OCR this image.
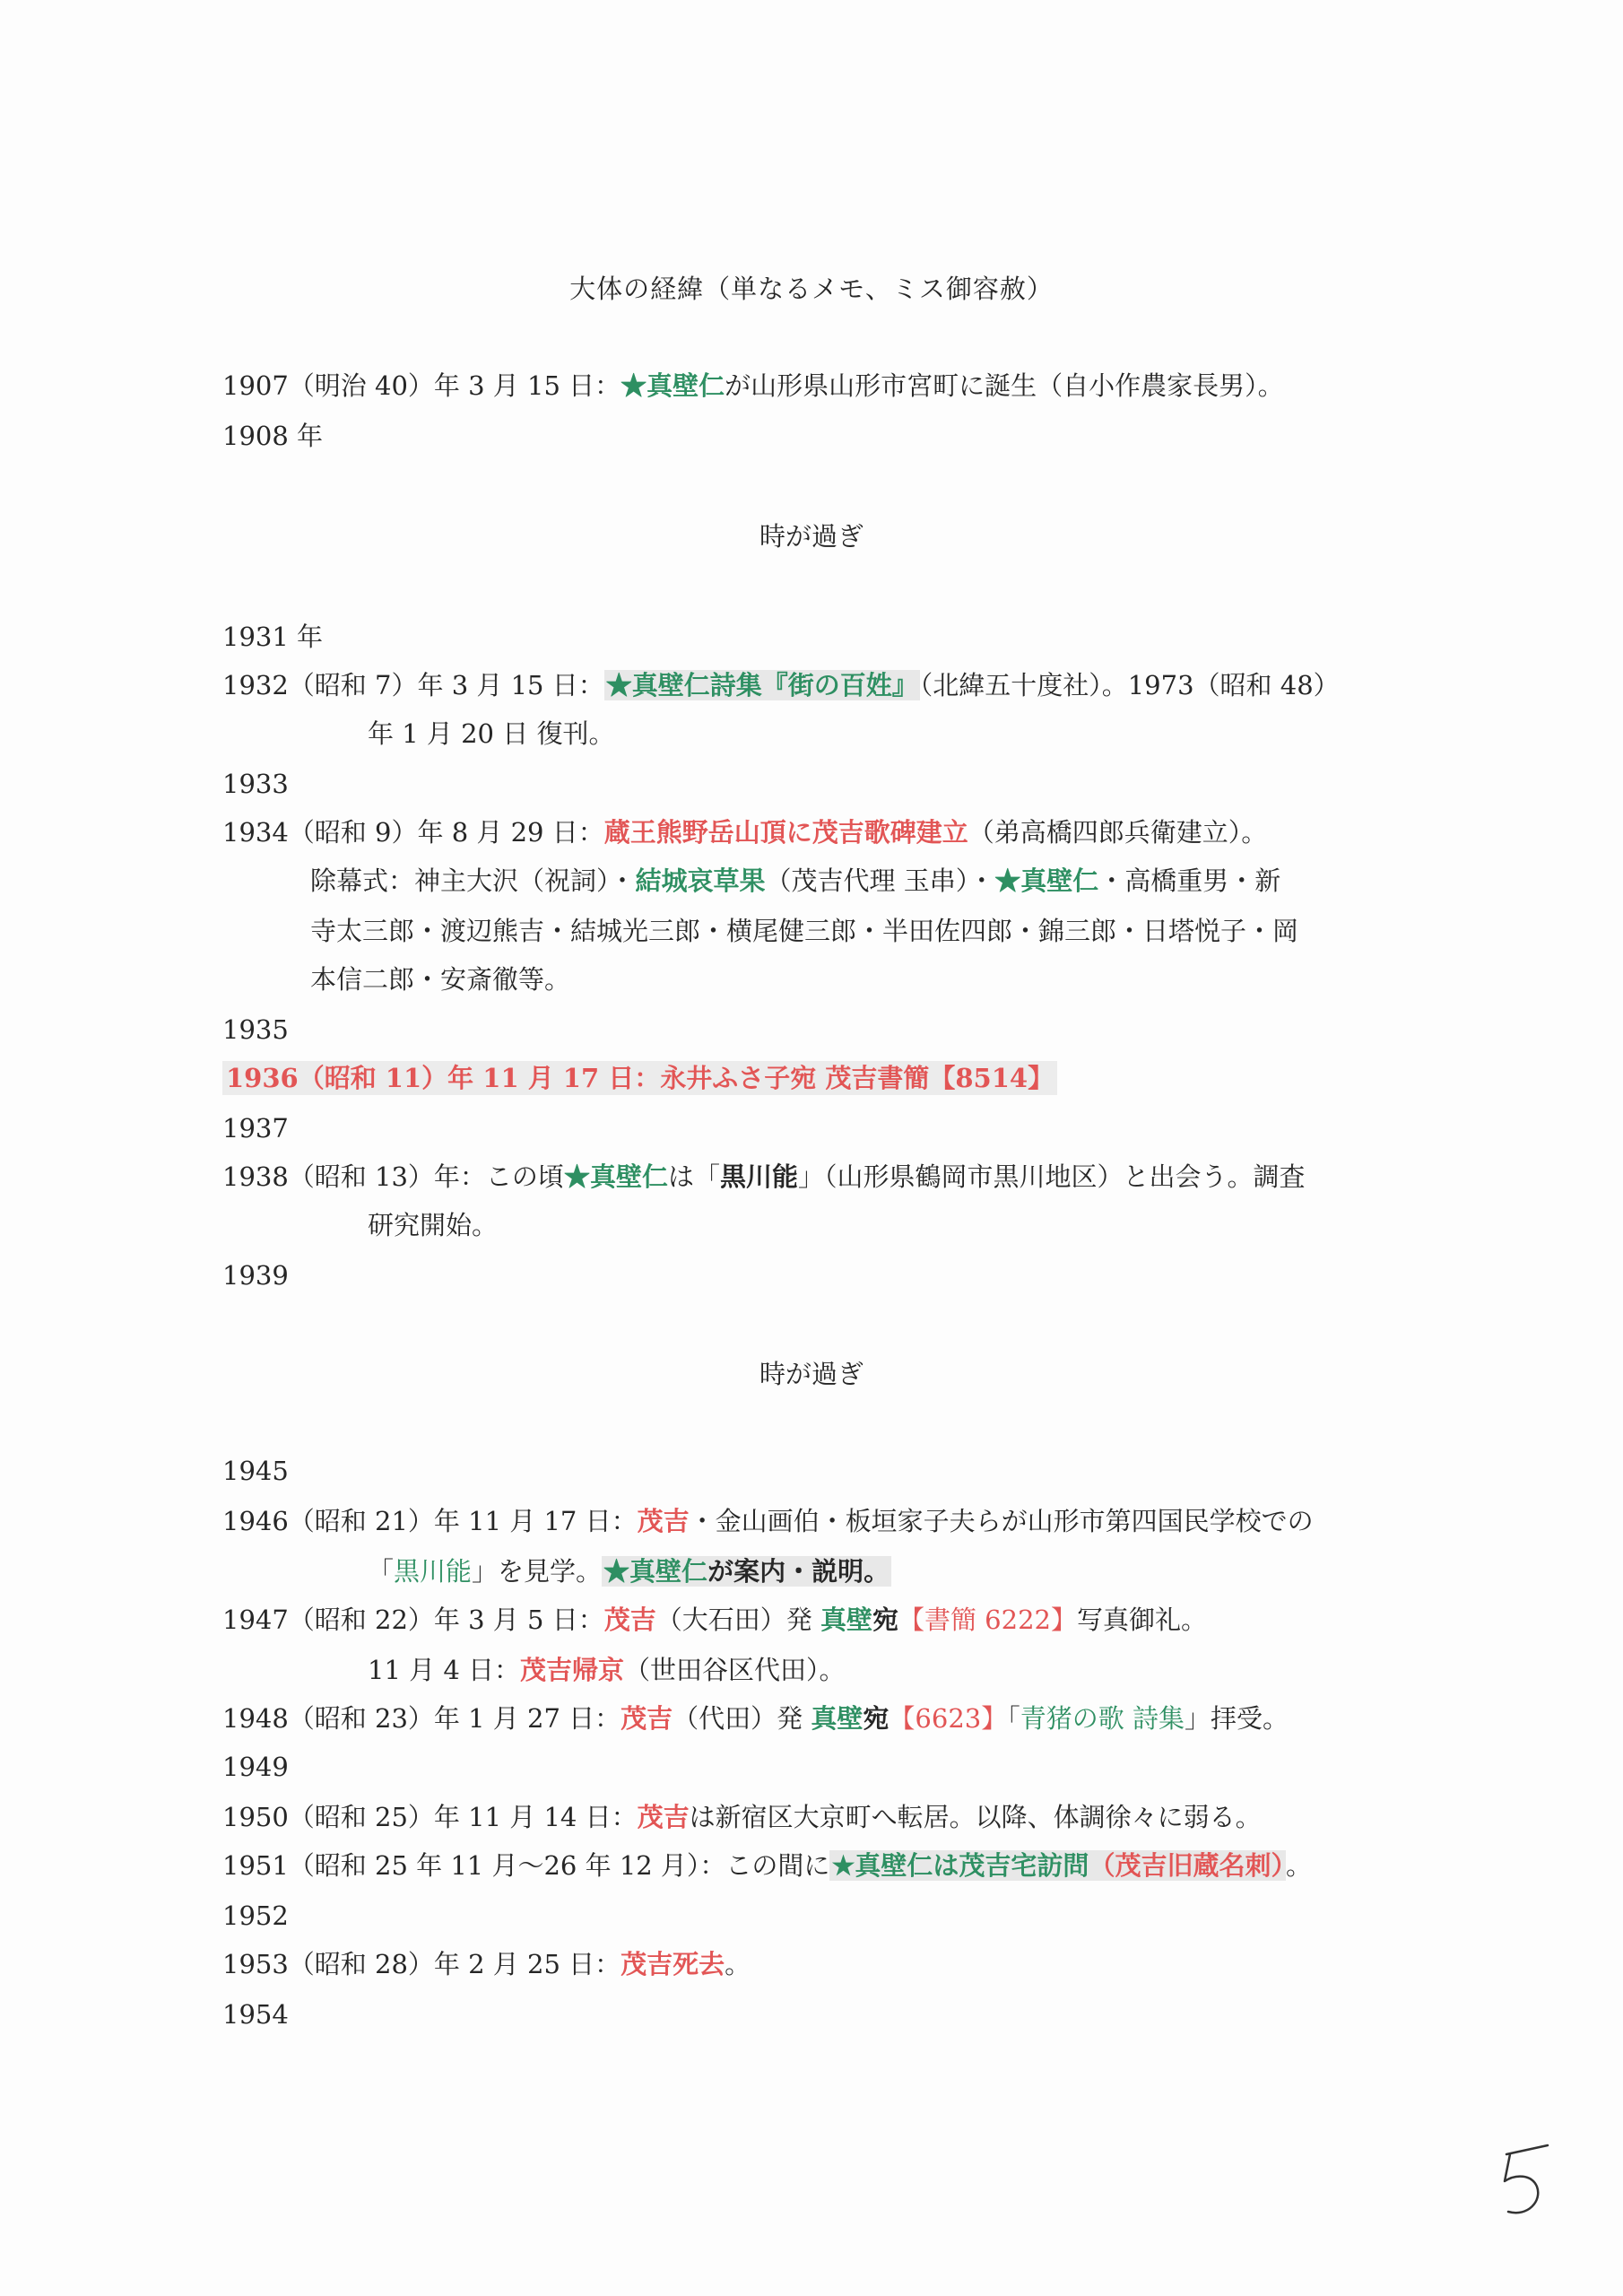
大体の経緯（単なるメモ、ミス御容赦）
1907（明治 40）年 3 月 15 日：★真壁仁が山形県山形市宮町に誕生（自小作農家長男）。
1908 年
時が過ぎ
1931 年
1932（昭和 7）年 3 月 15 日：★真壁仁詩集『街の百姓』（北緯五十度社）。1973（昭和 48）
年 1 月 20 日 復刊。
1933
1934（昭和 9）年 8 月 29 日：蔵王熊野岳山頂に茂吉歌碑建立（弟高橋四郎兵衛建立）。
除幕式：神主大沢（祝詞）・結城哀草果（茂吉代理 玉串）・★真壁仁・高橋重男・新
寺太三郎・渡辺熊吉・結城光三郎・横尾健三郎・半田佐四郎・錦三郎・日塔悦子・岡
本信二郎・安斎徹等。
1935
1936（昭和 11）年 11 月 17 日：永井ふさ子宛 茂吉書簡【8514】
1937
1938（昭和 13）年：この頃★真壁仁は「黒川能」（山形県鶴岡市黒川地区）と出会う。調査
研究開始。
1939
時が過ぎ
1945
1946（昭和 21）年 11 月 17 日：茂吉・金山画伯・板垣家子夫らが山形市第四国民学校での
「黒川能」を見学。★真壁仁が案内・説明。
1947（昭和 22）年 3 月 5 日：茂吉（大石田）発 真壁宛【書簡 6222】写真御礼。
11 月 4 日：茂吉帰京（世田谷区代田）。
1948（昭和 23）年 1 月 27 日：茂吉（代田）発 真壁宛【6623】「青猪の歌 詩集」拝受。
1949
1950（昭和 25）年 11 月 14 日：茂吉は新宿区大京町へ転居。以降、体調徐々に弱る。
1951（昭和 25 年 11 月〜26 年 12 月）：この間に★真壁仁は茂吉宅訪問（茂吉旧蔵名刺）。
1952
1953（昭和 28）年 2 月 25 日：茂吉死去。
1954
